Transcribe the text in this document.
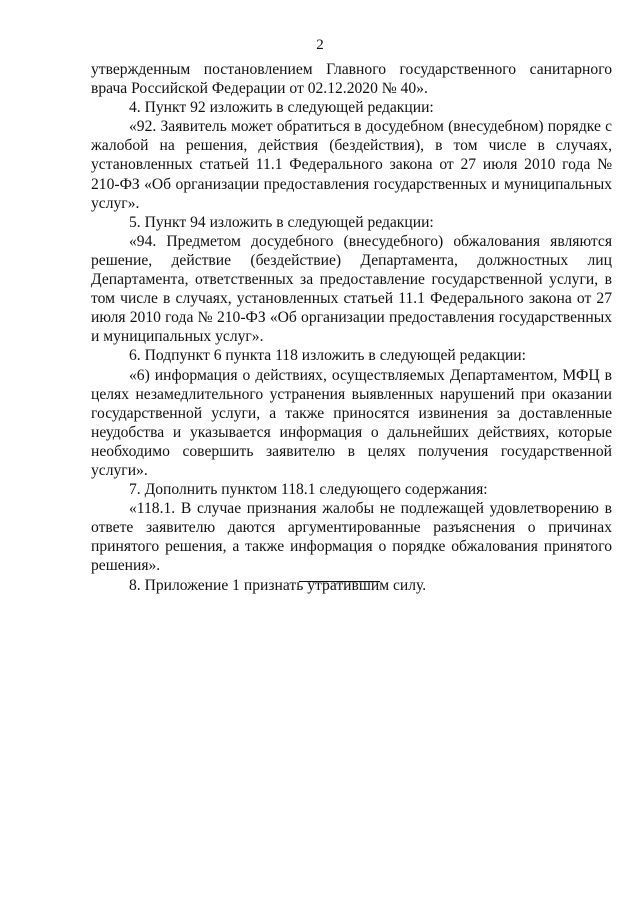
2

утвержденным постановлением Главного государственного санитарного врача Российской Федерации от 02.12.2020 № 40».

4. Пункт 92 изложить в следующей редакции:

«92. Заявитель может обратиться в досудебном (внесудебном) порядке с жалобой на решения, действия (бездействия), в том числе в случаях, установленных статьей 11.1 Федерального закона от 27 июля 2010 года № 210-ФЗ «Об организации предоставления государственных и муниципальных услуг».

5. Пункт 94 изложить в следующей редакции:

«94. Предметом досудебного (внесудебного) обжалования являются решение, действие (бездействие) Департамента, должностных лиц Департамента, ответственных за предоставление государственной услуги, в том числе в случаях, установленных статьей 11.1 Федерального закона от 27 июля 2010 года № 210-ФЗ «Об организации предоставления государственных и муниципальных услуг».

6. Подпункт 6 пункта 118 изложить в следующей редакции:

«6) информация о действиях, осуществляемых Департаментом, МФЦ в целях незамедлительного устранения выявленных нарушений при оказании государственной услуги, а также приносятся извинения за доставленные неудобства и указывается информация о дальнейших действиях, которые необходимо совершить заявителю в целях получения государственной услуги».

7. Дополнить пунктом 118.1 следующего содержания:

«118.1. В случае признания жалобы не подлежащей удовлетворению в ответе заявителю даются аргументированные разъяснения о причинах принятого решения, а также информация о порядке обжалования принятого решения».

8. Приложение 1 признать утратившим силу.
